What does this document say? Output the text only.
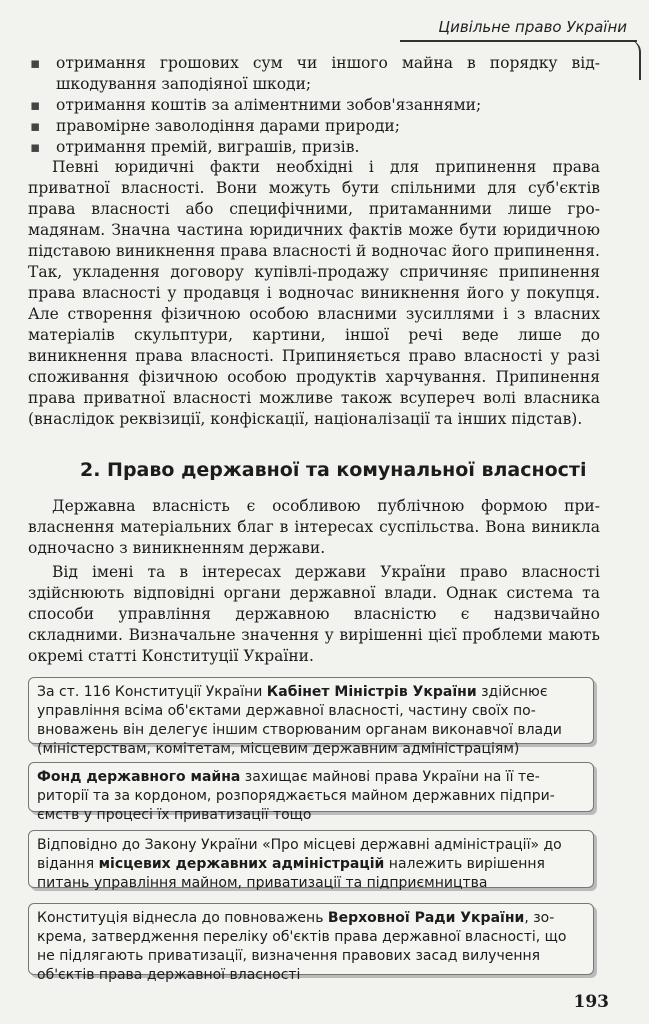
Цивільне право України
▪ отримання грошових сум чи іншого майна в порядку відшкодування заподіяної шкоди;
▪ отримання коштів за аліментними зобов'язаннями;
▪ правомірне заволодіння дарами природи;
▪ отримання премій, виграшів, призів.

Певні юридичні факти необхідні і для припинення права приватної власності. Вони можуть бути спільними для суб'єктів права власності або специфічними, притаманними лише громадянам. Значна частина юридичних фактів може бути юридичною підставою виникнення права власності й водночас його припинення. Так, укладення договору купівлі-продажу спричиняє припинення права власності у продавця і водночас виникнення його у покупця. Але створення фізичною особою власними зусиллями і з власних матеріалів скульптури, картини, іншої речі веде лише до виникнення права власності. Припиняється право власності у разі споживання фізичною особою продуктів харчування. Припинення права приватної власності можливе також всупереч волі власника (внаслідок реквізиції, конфіскації, націоналізації та інших підстав).

2. Право державної та комунальної власності

Державна власність є особливою публічною формою привласнення матеріальних благ в інтересах суспільства. Вона виникла одночасно з виникненням держави.

Від імені та в інтересах держави України право власності здійснюють відповідні органи державної влади. Однак система та способи управління державною власністю є надзвичайно складними. Визначальне значення у вирішенні цієї проблеми мають окремі статті Конституції України.

За ст. 116 Конституції України Кабінет Міністрів України здійснює управління всіма об'єктами державної власності, частину своїх повноважень він делегує іншим створюваним органам виконавчої влади (міністерствам, комітетам, місцевим державним адміністраціям)
Фонд державного майна захищає майнові права України на її території та за кордоном, розпоряджається майном державних підприємств у процесі їх приватизації тощо
Відповідно до Закону України «Про місцеві державні адміністрації» до відання місцевих державних адміністрацій належить вирішення питань управління майном, приватизації та підприємництва
Конституція віднесла до повноважень Верховної Ради України, зокрема, затвердження переліку об'єктів права державної власності, що не підлягають приватизації, визначення правових засад вилучення об'єктів права державної власності
193
